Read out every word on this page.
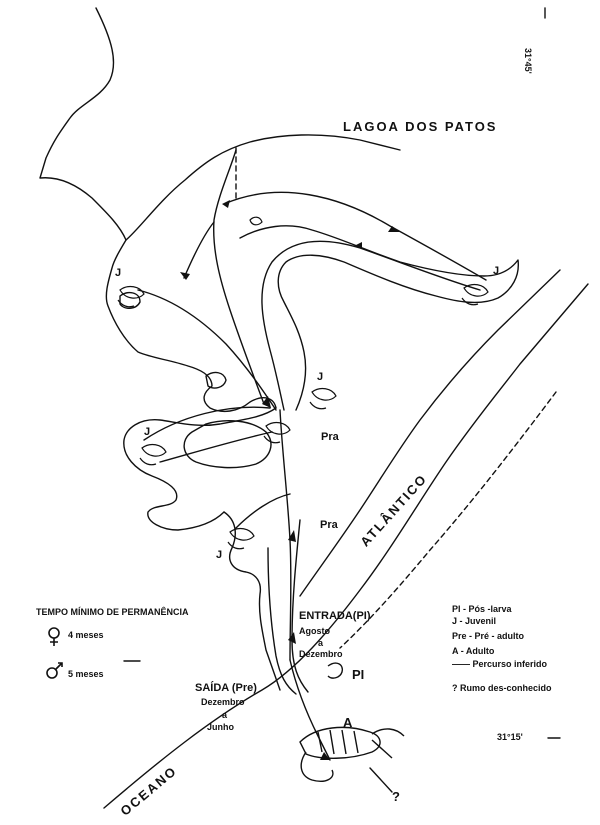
31°45'
31°15'
LAGOA DOS PATOS
ATLÂNTICO
OCEANO
J	J
J
J
J
Pra
Pra
PI
A
?
ENTRADA(PI)
Agosto
a
Dezembro
SAÍDA (Pre)
Dezembro
a
Junho
TEMPO MÍNIMO DE PERMANÊNCIA
4 meses
5 meses
PI - Pós -larva
J - Juvenil
Pre - Pré - adulto
A - Adulto
—— Percurso inferido
? Rumo des-conhecido
